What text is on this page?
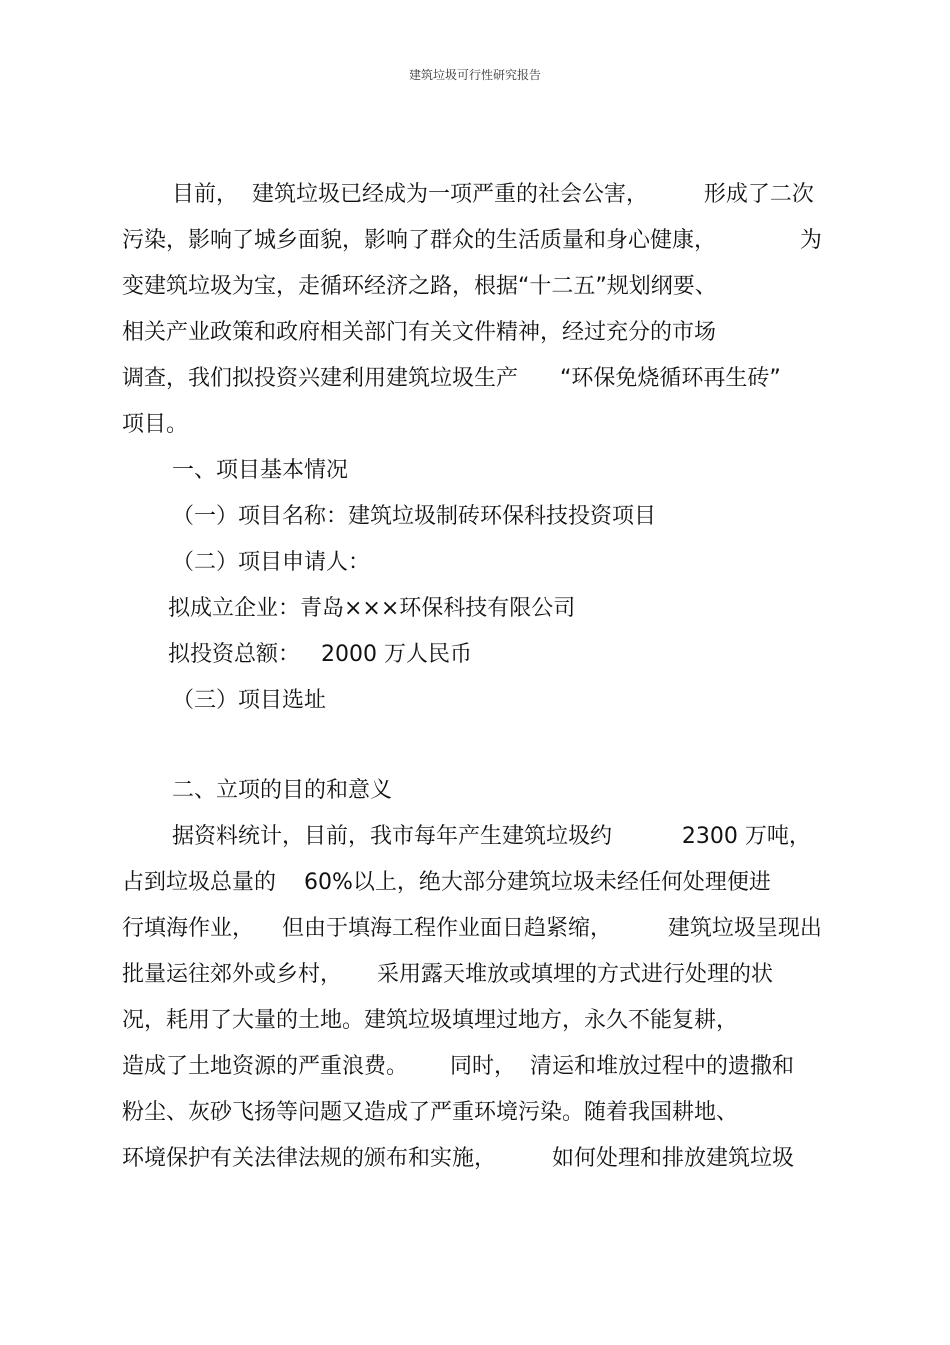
建筑垃圾可行性研究报告
目前，  建筑垃圾已经成为一项严重的社会公害，        形成了二次
污染，影响了城乡面貌，影响了群众的生活质量和身心健康，            为
变建筑垃圾为宝，走循环经济之路，根据“十二五”规划纲要、
相关产业政策和政府相关部门有关文件精神，经过充分的市场
调查，我们拟投资兴建利用建筑垃圾生产      “环保免烧循环再生砖”
项目。
一、项目基本情况
（一）项目名称：建筑垃圾制砖环保科技投资项目
（二）项目申请人：
拟成立企业：青岛×××环保科技有限公司
拟投资总额：   2000 万人民币
（三）项目选址
二、立项的目的和意义
据资料统计，目前，我市每年产生建筑垃圾约          2300 万吨，
占到垃圾总量的    60%以上，绝大部分建筑垃圾未经任何处理便进
行填海作业，    但由于填海工程作业面日趋紧缩，        建筑垃圾呈现出
批量运往郊外或乡村，     采用露天堆放或填埋的方式进行处理的状
况，耗用了大量的土地。建筑垃圾填埋过地方，永久不能复耕，
造成了土地资源的严重浪费。      同时，  清运和堆放过程中的遗撒和
粉尘、灰砂飞扬等问题又造成了严重环境污染。随着我国耕地、
环境保护有关法律法规的颁布和实施，        如何处理和排放建筑垃圾
